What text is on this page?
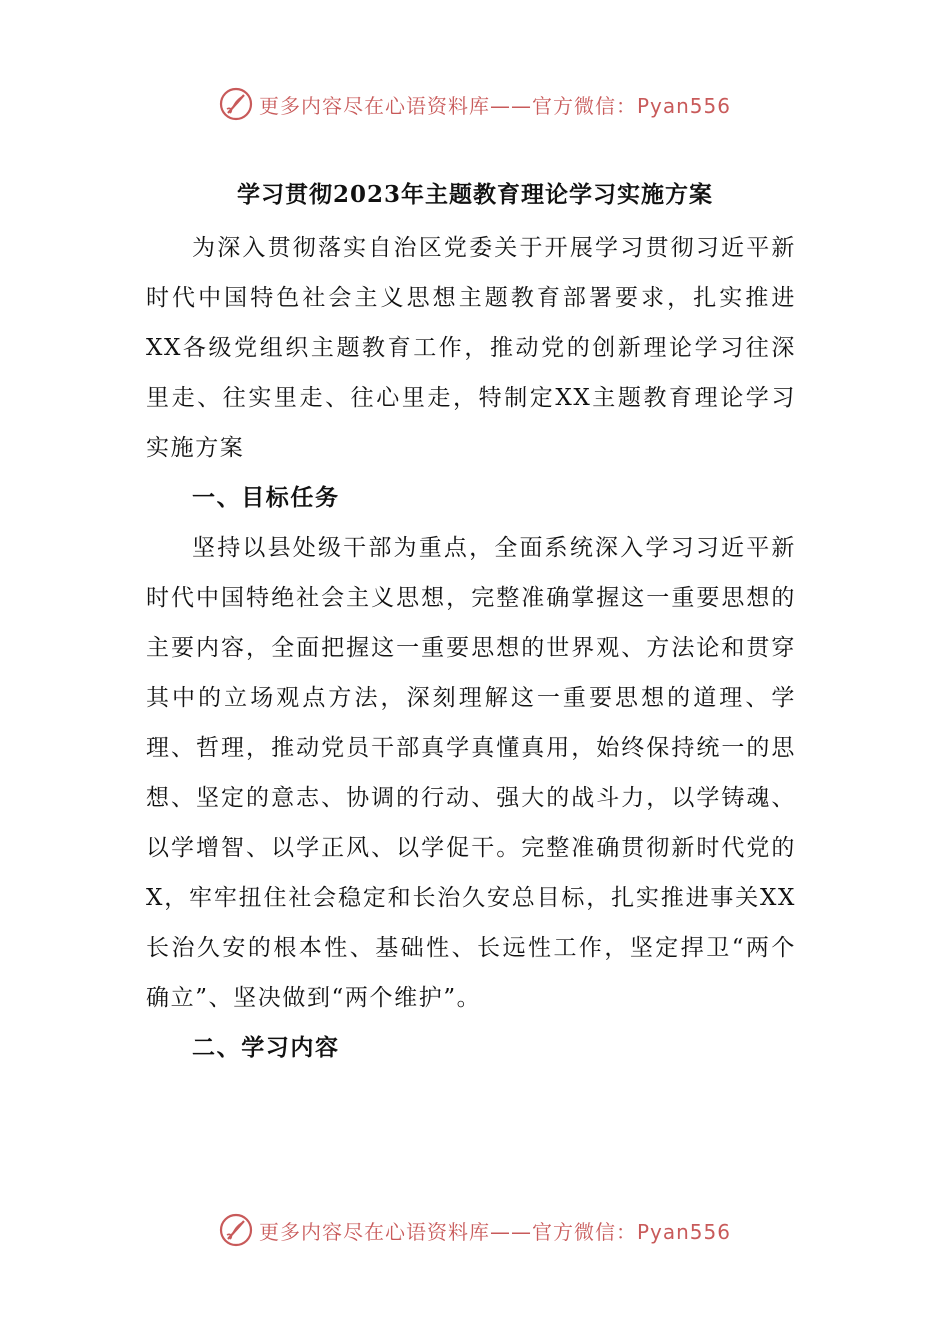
更多内容尽在心语资料库——官方微信：Pyan556
学习贯彻2023年主题教育理论学习实施方案

为深入贯彻落实自治区党委关于开展学习贯彻习近平新时代中国特色社会主义思想主题教育部署要求，扎实推进XX各级党组织主题教育工作，推动党的创新理论学习往深里走、往实里走、往心里走，特制定XX主题教育理论学习实施方案

一、目标任务

坚持以县处级干部为重点，全面系统深入学习习近平新时代中国特绝社会主义思想，完整准确掌握这一重要思想的主要内容，全面把握这一重要思想的世界观、方法论和贯穿其中的立场观点方法，深刻理解这一重要思想的道理、学理、哲理，推动党员干部真学真懂真用，始终保持统一的思想、坚定的意志、协调的行动、强大的战斗力，以学铸魂、以学增智、以学正风、以学促干。完整准确贯彻新时代党的X，牢牢扭住社会稳定和长治久安总目标，扎实推进事关XX长治久安的根本性、基础性、长远性工作，坚定捍卫“两个确立”、坚决做到“两个维护”。

二、学习内容

更多内容尽在心语资料库——官方微信：Pyan556
